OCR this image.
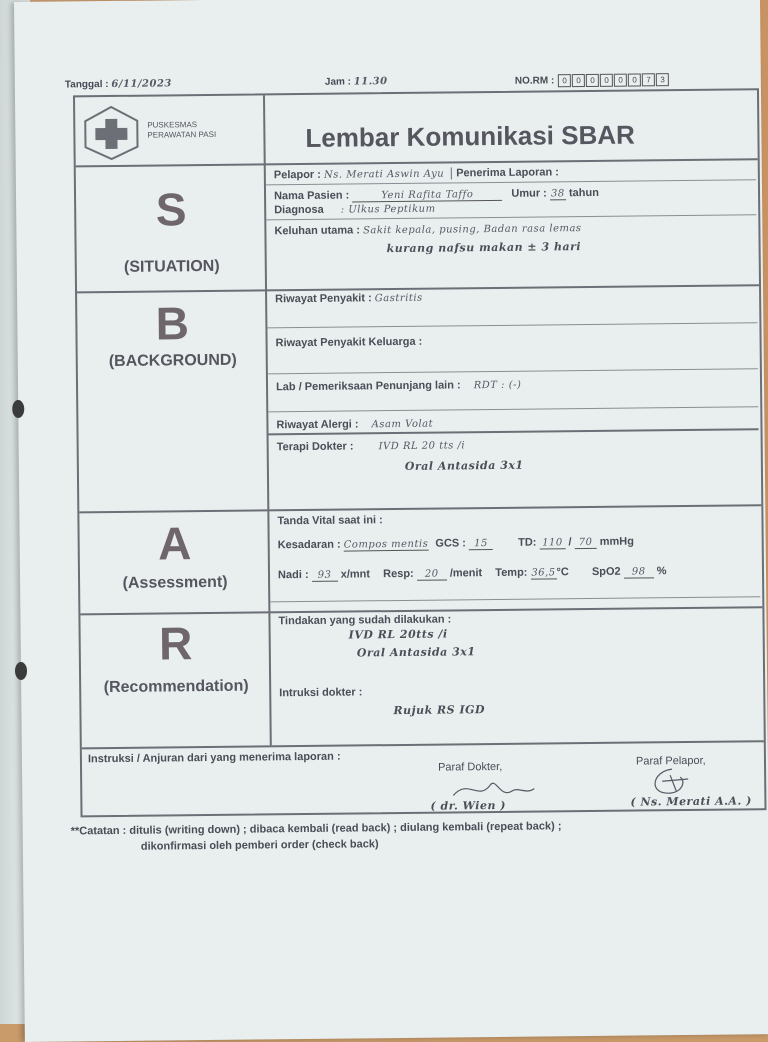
Tanggal : 6/11/2023	Jam : 11.30	NO.RM : 0 0 0 0 0 0 7 3
PUSKESMAS
PERAWATAN PASI	Lembar Komunikasi SBAR
S
(SITUATION)
Pelapor : Ns. Merati Aswin Ayu Penerima Laporan :
Nama Pasien :	Yeni Rafita Taffo	Umur : 38 tahun
Diagnosa : Ulkus Peptikum
Keluhan utama : Sakit kepala, pusing, Badan rasa lemas
kurang nafsu makan ± 3 hari
B
(BACKGROUND)
Riwayat Penyakit : Gastritis
Riwayat Penyakit Keluarga :
Lab / Pemeriksaan Penunjang lain : RDT : (-)
Riwayat Alergi : Asam Volat
Terapi Dokter : IVD RL 20 tts /i
Oral Antasida 3x1
A
(Assessment)
Tanda Vital saat ini :
Kesadaran : Compos mentis GCS : 15	TD: 110 / 70 mmHg
Nadi : 93 x/mnt Resp: 20 /menit Temp: 36,5°C SpO2 98 %
R
(Recommendation)
Tindakan yang sudah dilakukan :
IVD RL 20tts /i
Oral Antasida 3x1
Intruksi dokter :
Rujuk RS IGD
Instruksi / Anjuran dari yang menerima laporan :
Paraf Dokter,	Paraf Pelapor,
( dr. Wien )	( Ns. Merati A.A. )
**Catatan : ditulis (writing down) ; dibaca kembali (read back) ; diulang kembali (repeat back) ;
dikonfirmasi oleh pemberi order (check back)
